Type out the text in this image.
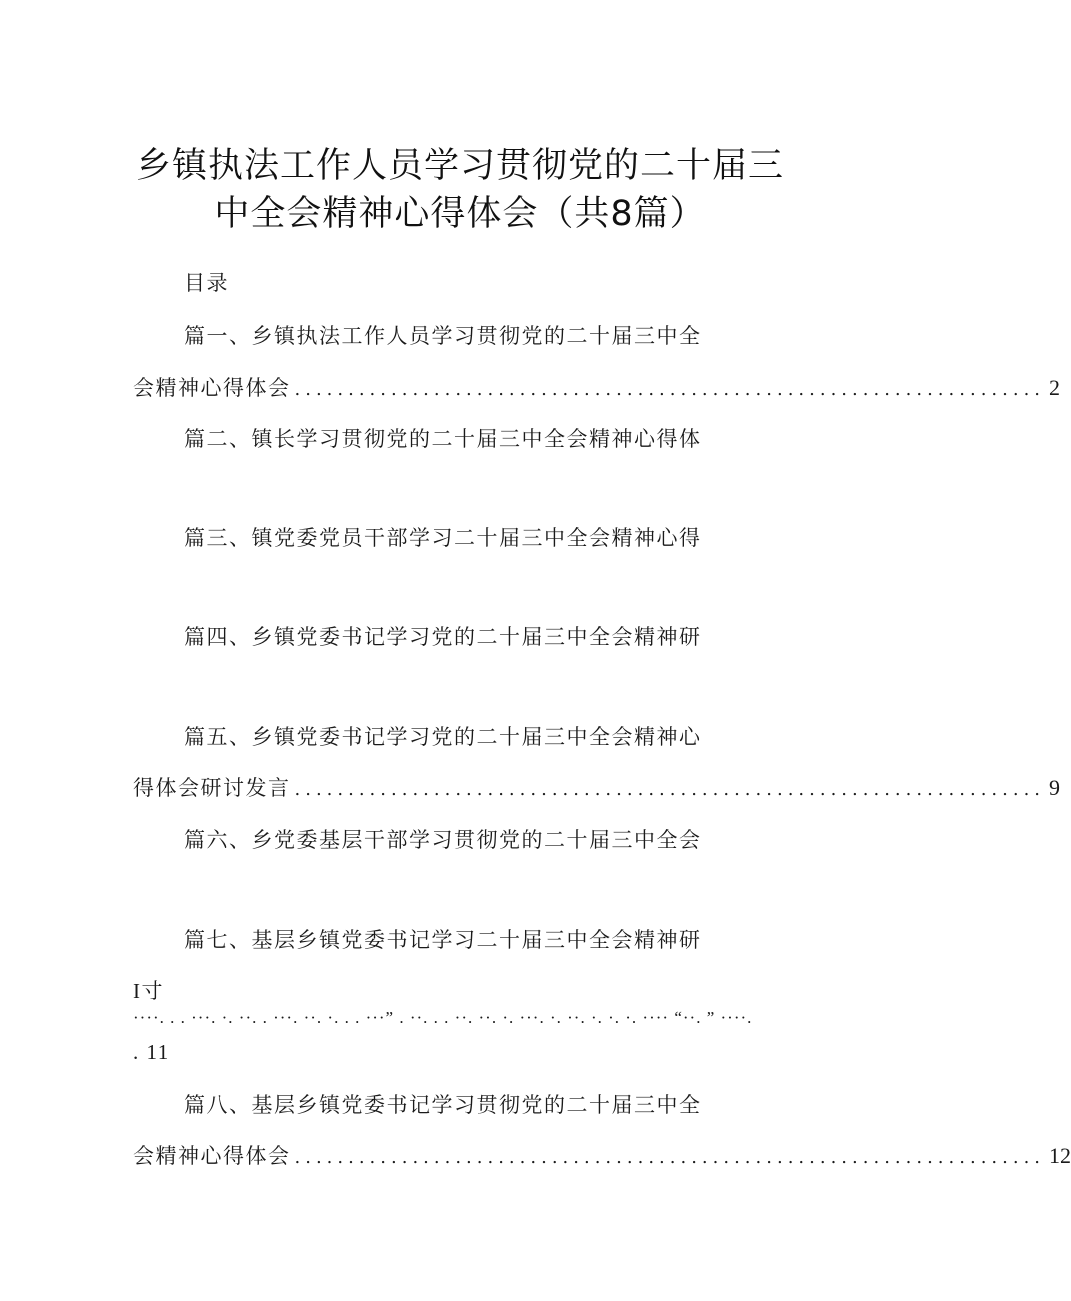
乡镇执法工作人员学习贯彻党的二十届三
中全会精神心得体会（共8篇）
目录
篇一、乡镇执法工作人员学习贯彻党的二十届三中全
会精神心得体会 ...................................................................... 2
篇二、镇长学习贯彻党的二十届三中全会精神心得体
篇三、镇党委党员干部学习二十届三中全会精神心得
篇四、乡镇党委书记学习党的二十届三中全会精神研
篇五、乡镇党委书记学习党的二十届三中全会精神心
得体会研讨发言 ...................................................................... 9
篇六、乡党委基层干部学习贯彻党的二十届三中全会
篇七、基层乡镇党委书记学习二十届三中全会精神研
I寸
····. . . ···. ·. ··. . ···. ··. ·. . . ···” . ··. . . ··. ··. ·. ···. ·. ··. ·. ·. ·. ···· “··. ” ····.
. 11
篇八、基层乡镇党委书记学习贯彻党的二十届三中全
会精神心得体会 ...................................................................... 12
